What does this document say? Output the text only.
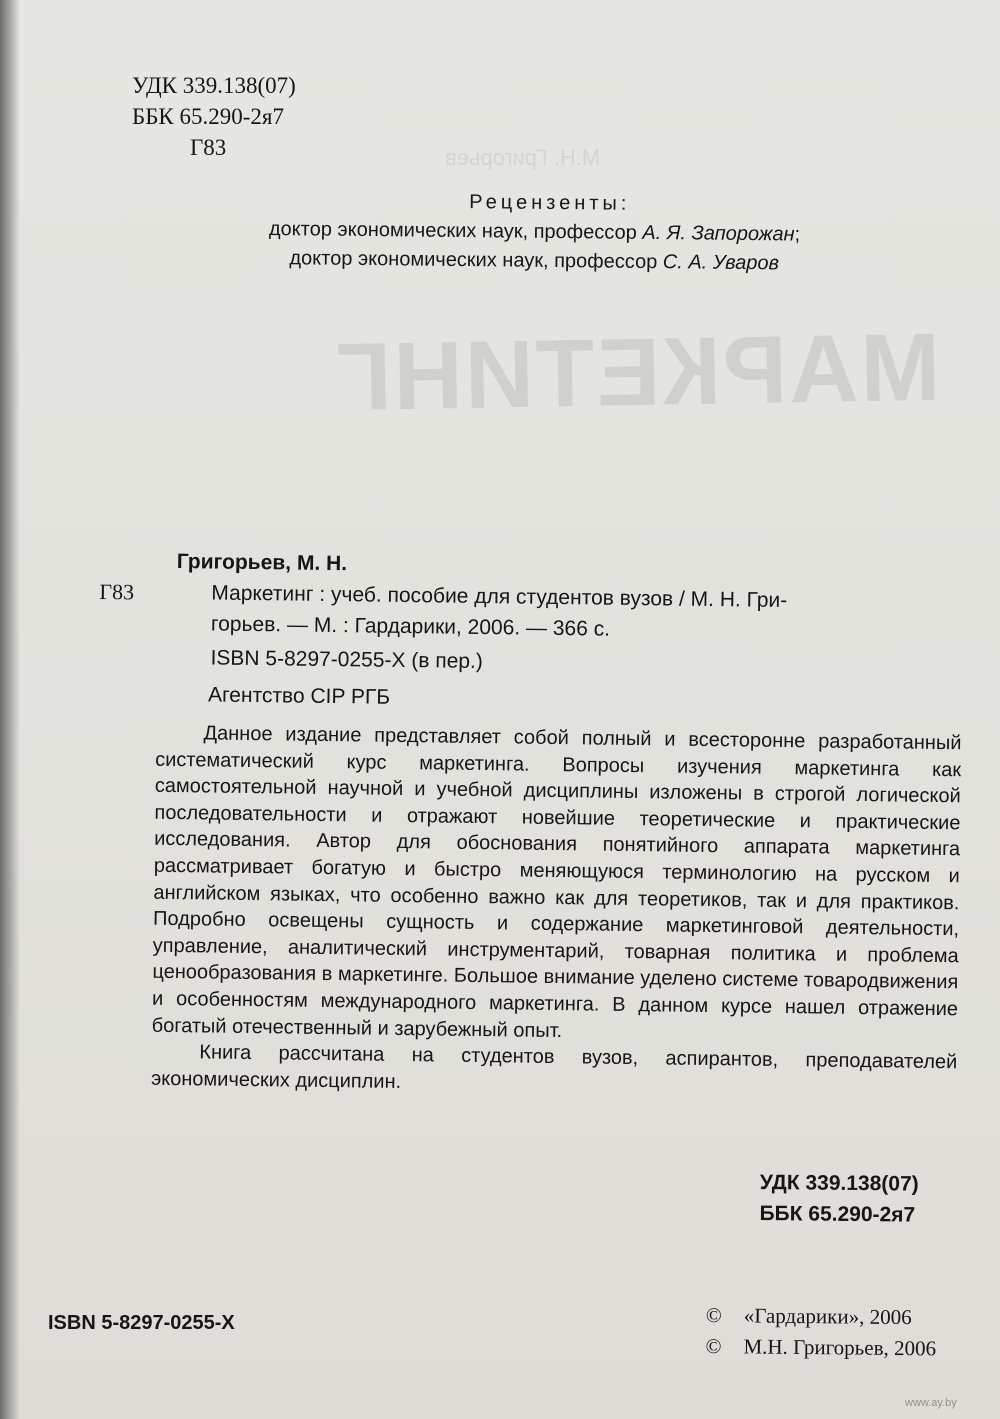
М.Н. Григорьев
МАРКЕТИНГ
УДК 339.138(07)
ББК 65.290-2я7
Г83
Рецензенты:
доктор экономических наук, профессор А. Я. Запорожан;
доктор экономических наук, профессор С. А. Уваров
Григорьев, М. Н.
Г83	Маркетинг : учеб. пособие для студентов вузов / М. Н. Гри-
горьев. — М. : Гардарики, 2006. — 366 с.
ISBN 5-8297-0255-X (в пер.)
Агентство CIP РГБ

Данное издание представляет собой полный и всесторонне разработанный систематический курс маркетинга. Вопросы изучения маркетинга как самостоятельной научной и учебной дисциплины изложены в строгой логической последовательности и отражают новейшие теоретические и практические исследования. Автор для обоснования понятийного аппарата маркетинга рассматривает богатую и быстро меняющуюся терминологию на русском и английском языках, что особенно важно как для теоретиков, так и для практиков. Подробно освещены сущность и содержание маркетинговой деятельности, управление, аналитический инструментарий, товарная политика и проблема ценообразования в маркетинге. Большое внимание уделено системе товародвижения и особенностям международного маркетинга. В данном курсе нашел отражение богатый отечественный и зарубежный опыт.

Книга рассчитана на студентов вузов, аспирантов, преподавателей экономических дисциплин.

УДК 339.138(07)
ББК 65.290-2я7
ISBN 5-8297-0255-X	© «Гардарики», 2006
© М.Н. Григорьев, 2006
www.ay.by
